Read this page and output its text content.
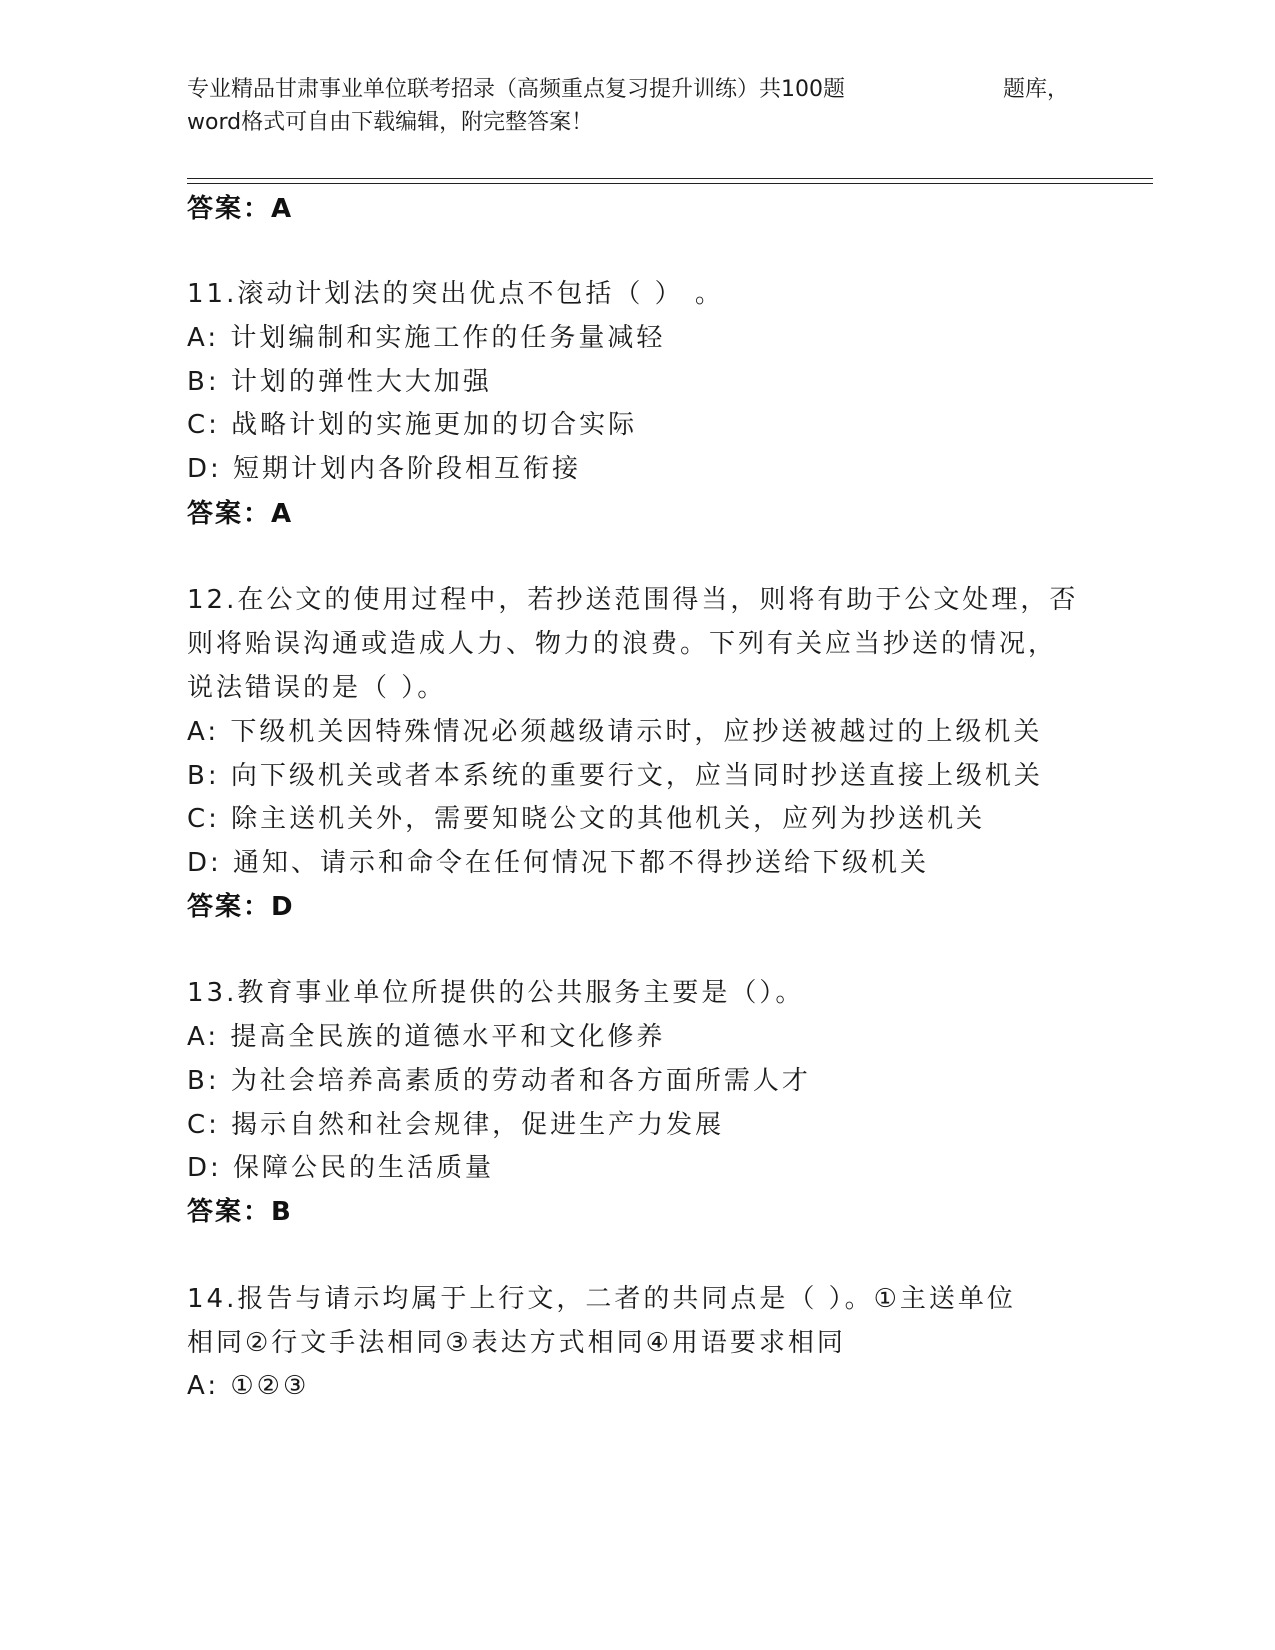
专业精品甘肃事业单位联考招录（高频重点复习提升训练）共100题	题库，
word格式可自由下载编辑，附完整答案！
答案：A
11.滚动计划法的突出优点不包括（ ） 。
A: 计划编制和实施工作的任务量减轻
B: 计划的弹性大大加强
C: 战略计划的实施更加的切合实际
D: 短期计划内各阶段相互衔接
答案：A
12.在公文的使用过程中，若抄送范围得当，则将有助于公文处理，否
则将贻误沟通或造成人力、物力的浪费。下列有关应当抄送的情况，
说法错误的是（ ）。
A: 下级机关因特殊情况必须越级请示时，应抄送被越过的上级机关
B: 向下级机关或者本系统的重要行文，应当同时抄送直接上级机关
C: 除主送机关外，需要知晓公文的其他机关，应列为抄送机关
D: 通知、请示和命令在任何情况下都不得抄送给下级机关
答案：D
13.教育事业单位所提供的公共服务主要是（）。
A: 提高全民族的道德水平和文化修养
B: 为社会培养高素质的劳动者和各方面所需人才
C: 揭示自然和社会规律，促进生产力发展
D: 保障公民的生活质量
答案：B
14.报告与请示均属于上行文，二者的共同点是（ ）。①主送单位
相同②行文手法相同③表达方式相同④用语要求相同
A: ①②③
